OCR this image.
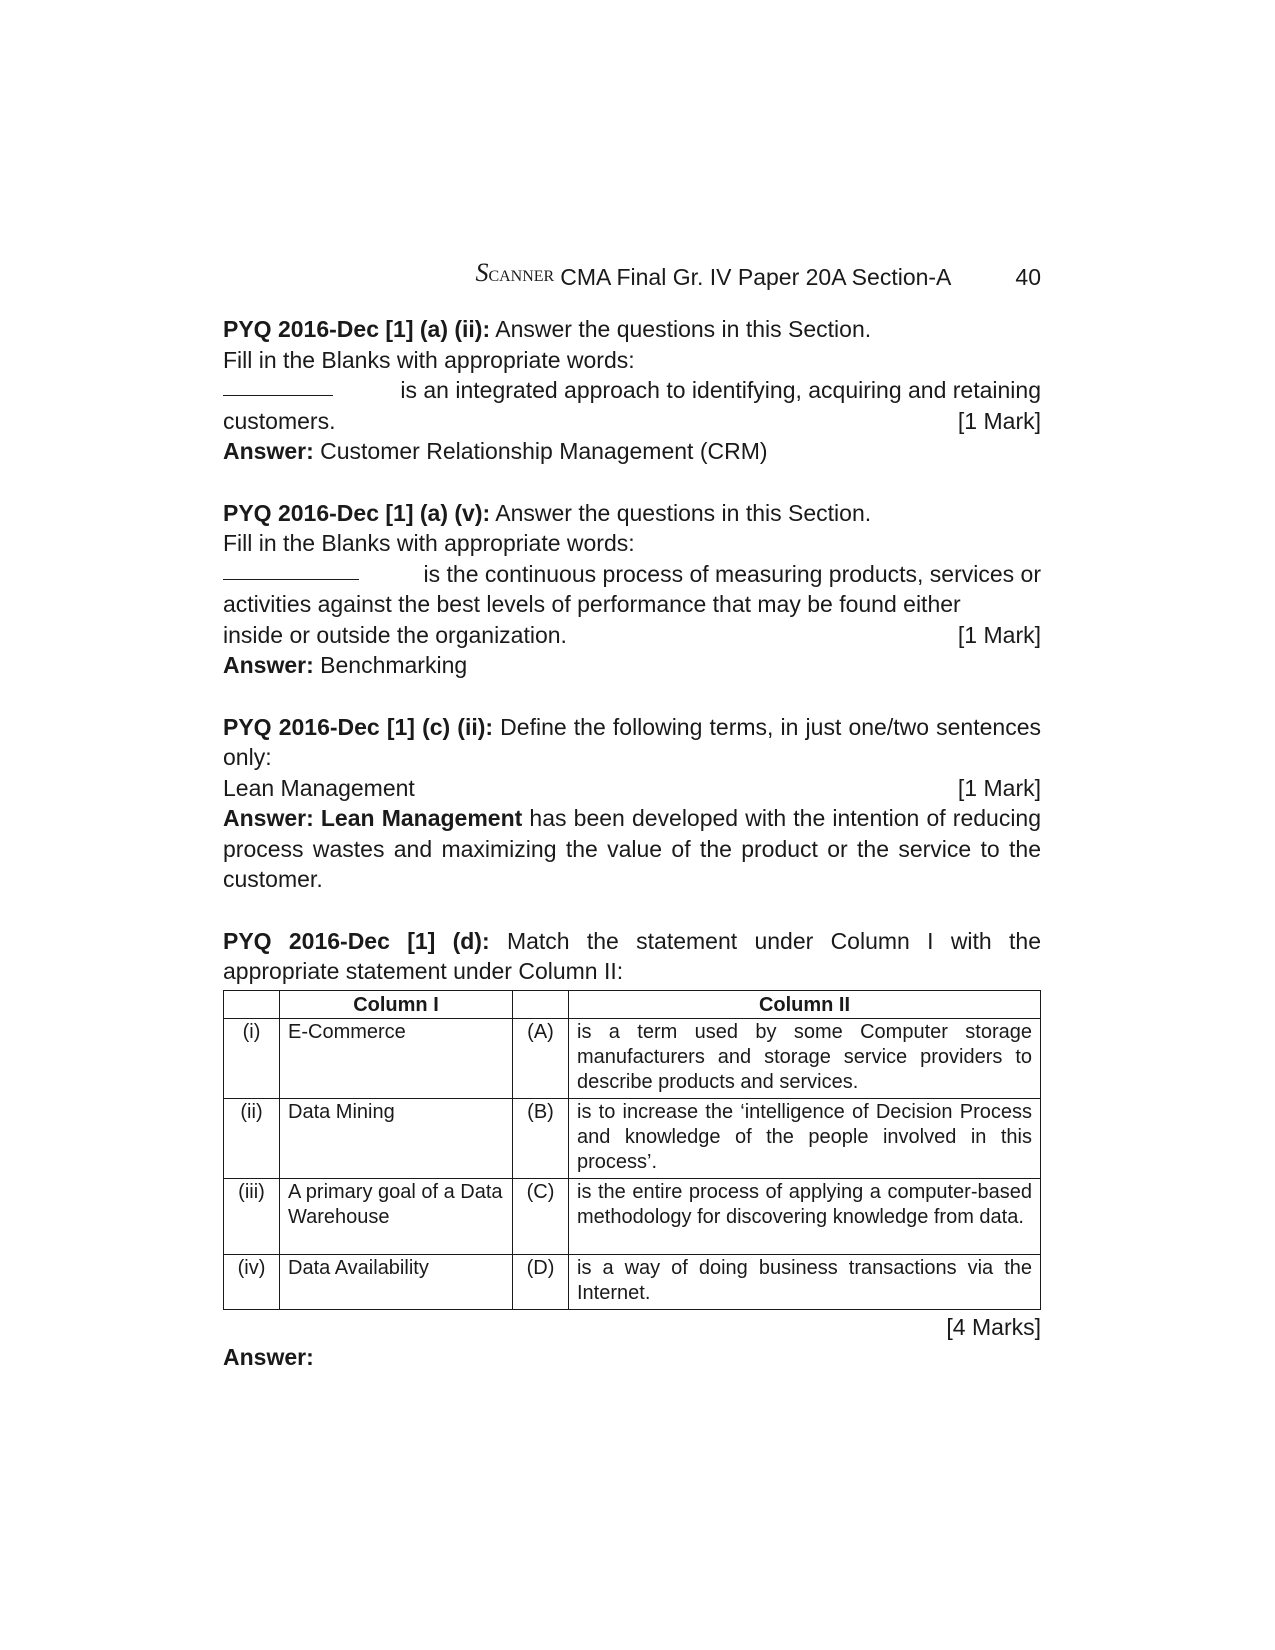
SCANNER CMA Final Gr. IV Paper 20A Section-A	40

PYQ 2016-Dec [1] (a) (ii): Answer the questions in this Section.

Fill in the Blanks with appropriate words:

is an integrated approach to identifying, acquiring and retaining

customers.	[1 Mark]

Answer: Customer Relationship Management (CRM)

PYQ 2016-Dec [1] (a) (v): Answer the questions in this Section.

Fill in the Blanks with appropriate words:

is the continuous process of measuring products, services or

activities against the best levels of performance that may be found either

inside or outside the organization.	[1 Mark]

Answer: Benchmarking

PYQ 2016-Dec [1] (c) (ii): Define the following terms, in just one/two sentences only:

Lean Management	[1 Mark]

Answer: Lean Management has been developed with the intention of reducing process wastes and maximizing the value of the product or the service to the customer.

PYQ 2016-Dec [1] (d): Match the statement under Column I with the appropriate statement under Column II:

	Column I		Column II
(i)	E-Commerce	(A)	is a term used by some Computer storage manufacturers and storage service providers to describe products and services.
(ii)	Data Mining	(B)	is to increase the ‘intelligence of Decision Process and knowledge of the people involved in this process’.
(iii)	A primary goal of a Data Warehouse	(C)	is the entire process of applying a computer-based methodology for discovering knowledge from data.
(iv)	Data Availability	(D)	is a way of doing business transactions via the Internet.
[4 Marks]

Answer:
